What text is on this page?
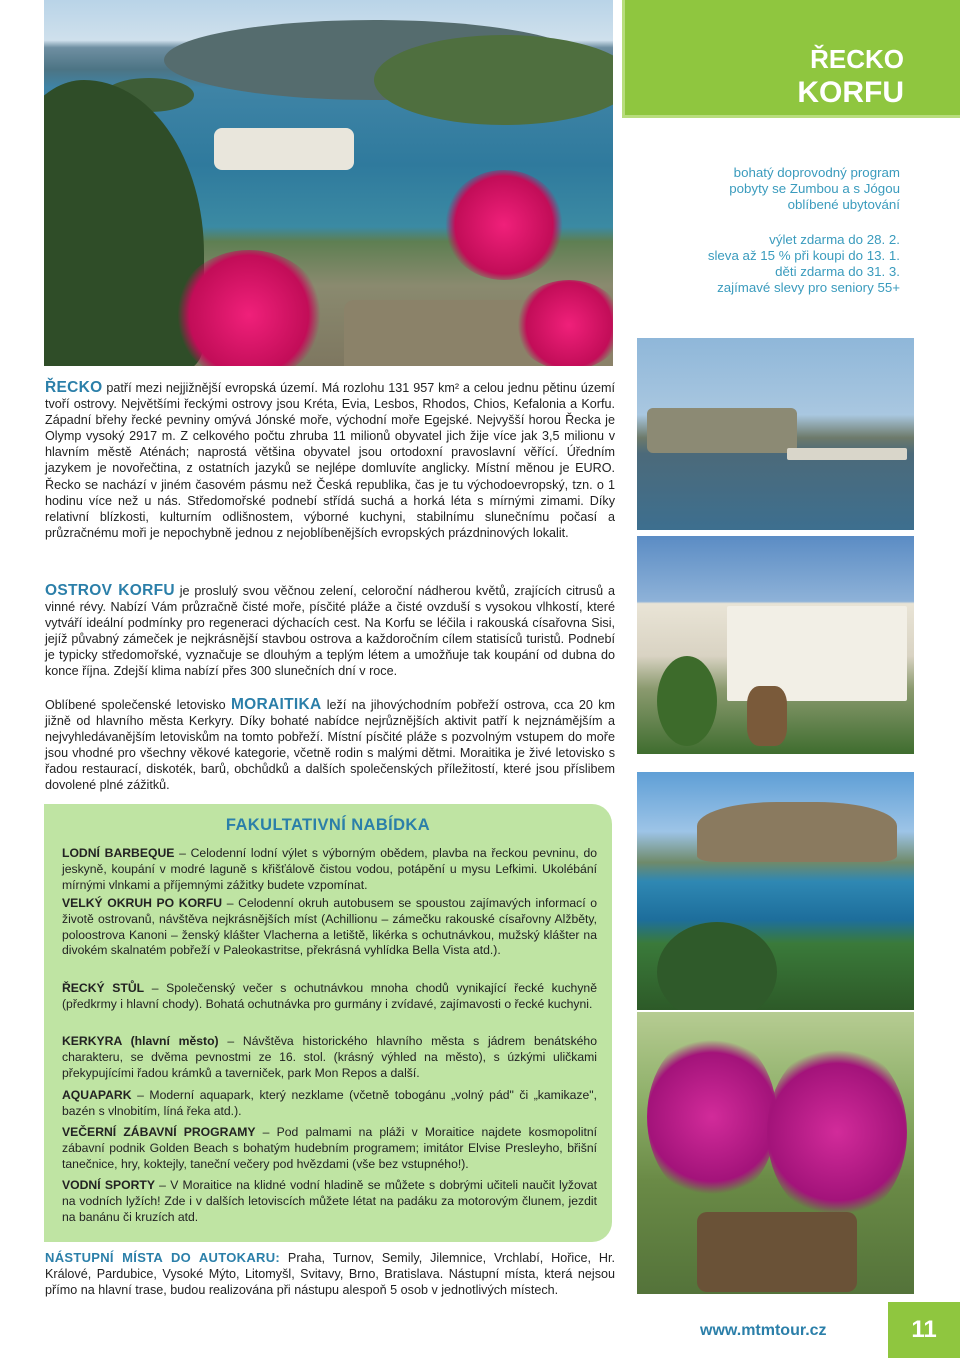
ŘECKO
KORFU
bohatý doprovodný program
pobyty se Zumbou a s Jógou
oblíbené ubytování
výlet zdarma do 28. 2.
sleva až 15 % při koupi do 13. 1.
děti zdarma do 31. 3.
zajímavé slevy pro seniory 55+

ŘECKO patří mezi nejjižnější evropská území. Má rozlohu 131 957 km² a celou jednu pětinu území tvoří ostrovy. Největšími řeckými ostrovy jsou Kréta, Evia, Lesbos, Rhodos, Chios, Kefalonia a Korfu. Západní břehy řecké pevniny omývá Jónské moře, východní moře Egejské. Nejvyšší horou Řecka je Olymp vysoký 2917 m. Z celkového počtu zhruba 11 milionů obyvatel jich žije více jak 3,5 milionu v hlavním městě Aténách; naprostá většina obyvatel jsou ortodoxní pravoslavní věřící. Úředním jazykem je novořečtina, z ostatních jazyků se nejlépe domluvíte anglicky. Místní měnou je EURO. Řecko se nachází v jiném časovém pásmu než Česká republika, čas je tu východoevropský, tzn. o 1 hodinu více než u nás. Středomořské podnebí střídá suchá a horká léta s mírnými zimami. Díky relativní blízkosti, kulturním odlišnostem, výborné kuchyni, stabilnímu slunečnímu počasí a průzračnému moři je nepochybně jednou z nejoblíbenějších evropských prázdninových lokalit.

OSTROV KORFU je proslulý svou věčnou zelení, celoroční nádherou květů, zrajících citrusů a vinné révy. Nabízí Vám průzračně čisté moře, písčité pláže a čisté ovzduší s vysokou vlhkostí, které vytváří ideální podmínky pro regeneraci dýchacích cest. Na Korfu se léčila i rakouská císařovna Sisi, jejíž půvabný zámeček je nejkrásnější stavbou ostrova a každoročním cílem statisíců turistů. Podnebí je typicky středomořské, vyznačuje se dlouhým a teplým létem a umožňuje tak koupání od dubna do konce října. Zdejší klima nabízí přes 300 slunečních dní v roce.

Oblíbené společenské letovisko MORAITIKA leží na jihovýchodním pobřeží ostrova, cca 20 km jižně od hlavního města Kerkyry. Díky bohaté nabídce nejrůznějších aktivit patří k nejznámějším a nejvyhledávanějším letoviskům na tomto pobřeží. Místní písčité pláže s pozvolným vstupem do moře jsou vhodné pro všechny věkové kategorie, včetně rodin s malými dětmi. Moraitika je živé letovisko s řadou restaurací, diskoték, barů, obchůdků a dalších společenských příležitostí, které jsou příslibem dovolené plné zážitků.

FAKULTATIVNÍ NABÍDKA

LODNÍ BARBEQUE – Celodenní lodní výlet s výborným obědem, plavba na řeckou pevninu, do jeskyně, koupání v modré laguně s křišťálově čistou vodou, potápění u mysu Lefkimi. Ukolébání mírnými vlnkami a příjemnými zážitky budete vzpomínat.

VELKÝ OKRUH PO KORFU – Celodenní okruh autobusem se spoustou zajímavých informací o životě ostrovanů, návštěva nejkrásnějších míst (Achillionu – zámečku rakouské císařovny Alžběty, poloostrova Kanoni – ženský klášter Vlacherna a letiště, likérka s ochutnávkou, mužský klášter na divokém skalnatém pobřeží v Paleokastritse, překrásná vyhlídka Bella Vista atd.).

ŘECKÝ STŮL – Společenský večer s ochutnávkou mnoha chodů vynikající řecké kuchyně (předkrmy i hlavní chody). Bohatá ochutnávka pro gurmány i zvídavé, zajímavosti o řecké kuchyni.

KERKYRA (hlavní město) – Návštěva historického hlavního města s jádrem benátského charakteru, se dvěma pevnostmi ze 16. stol. (krásný výhled na město), s úzkými uličkami překypujícími řadou krámků a taverniček, park Mon Repos a další.

AQUAPARK – Moderní aquapark, který nezklame (včetně tobogánu „volný pád" či „kamikaze", bazén s vlnobitím, líná řeka atd.).

VEČERNÍ ZÁBAVNÍ PROGRAMY – Pod palmami na pláži v Moraitice najdete kosmopolitní zábavní podnik Golden Beach s bohatým hudebním programem; imitátor Elvise Presleyho, břišní tanečnice, hry, koktejly, taneční večery pod hvězdami (vše bez vstupného!).

VODNÍ SPORTY – V Moraitice na klidné vodní hladině se můžete s dobrými učiteli naučit lyžovat na vodních lyžích! Zde i v dalších letoviscích můžete létat na padáku za motorovým člunem, jezdit na banánu či kruzích atd.

NÁSTUPNÍ MÍSTA DO AUTOKARU: Praha, Turnov, Semily, Jilemnice, Vrchlabí, Hořice, Hr. Králové, Pardubice, Vysoké Mýto, Litomyšl, Svitavy, Brno, Bratislava. Nástupní místa, která nejsou přímo na hlavní trase, budou realizována při nástupu alespoň 5 osob v jednotlivých místech.

www.mtmtour.cz	11
